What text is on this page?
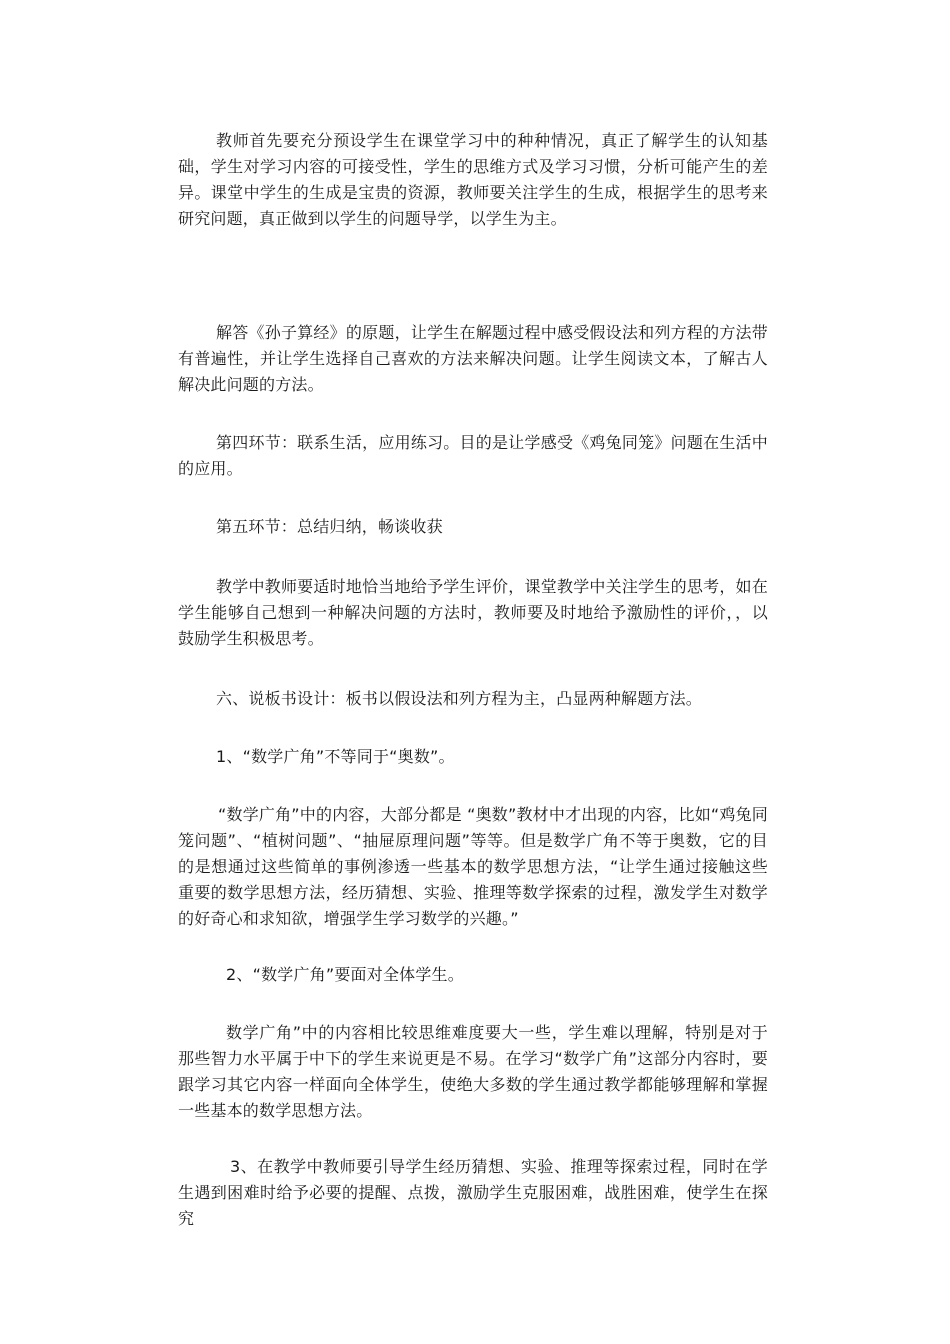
教师首先要充分预设学生在课堂学习中的种种情况，真正了解学生的认知基础，学生对学习内容的可接受性，学生的思维方式及学习习惯，分析可能产生的差异。课堂中学生的生成是宝贵的资源，教师要关注学生的生成，根据学生的思考来研究问题，真正做到以学生的问题导学，以学生为主。

解答《孙子算经》的原题，让学生在解题过程中感受假设法和列方程的方法带有普遍性，并让学生选择自己喜欢的方法来解决问题。让学生阅读文本，了解古人解决此问题的方法。

第四环节：联系生活，应用练习。目的是让学感受《鸡兔同笼》问题在生活中的应用。

第五环节：总结归纳，畅谈收获

教学中教师要适时地恰当地给予学生评价，课堂教学中关注学生的思考，如在学生能够自己想到一种解决问题的方法时，教师要及时地给予激励性的评价，，以鼓励学生积极思考。

六、说板书设计：板书以假设法和列方程为主，凸显两种解题方法。

1、“数学广角”不等同于“奥数”。

“数学广角”中的内容，大部分都是 “奥数”教材中才出现的内容，比如“鸡兔同笼问题”、“植树问题”、“抽屉原理问题”等等。但是数学广角不等于奥数，它的目的是想通过这些简单的事例渗透一些基本的数学思想方法，“让学生通过接触这些重要的数学思想方法，经历猜想、实验、推理等数学探索的过程，激发学生对数学的好奇心和求知欲，增强学生学习数学的兴趣。”

2、“数学广角”要面对全体学生。

数学广角”中的内容相比较思维难度要大一些，学生难以理解，特别是对于那些智力水平属于中下的学生来说更是不易。在学习“数学广角”这部分内容时，要跟学习其它内容一样面向全体学生，使绝大多数的学生通过教学都能够理解和掌握一些基本的数学思想方法。

3、在教学中教师要引导学生经历猜想、实验、推理等探索过程，同时在学生遇到困难时给予必要的提醒、点拨，激励学生克服困难，战胜困难，使学生在探究
